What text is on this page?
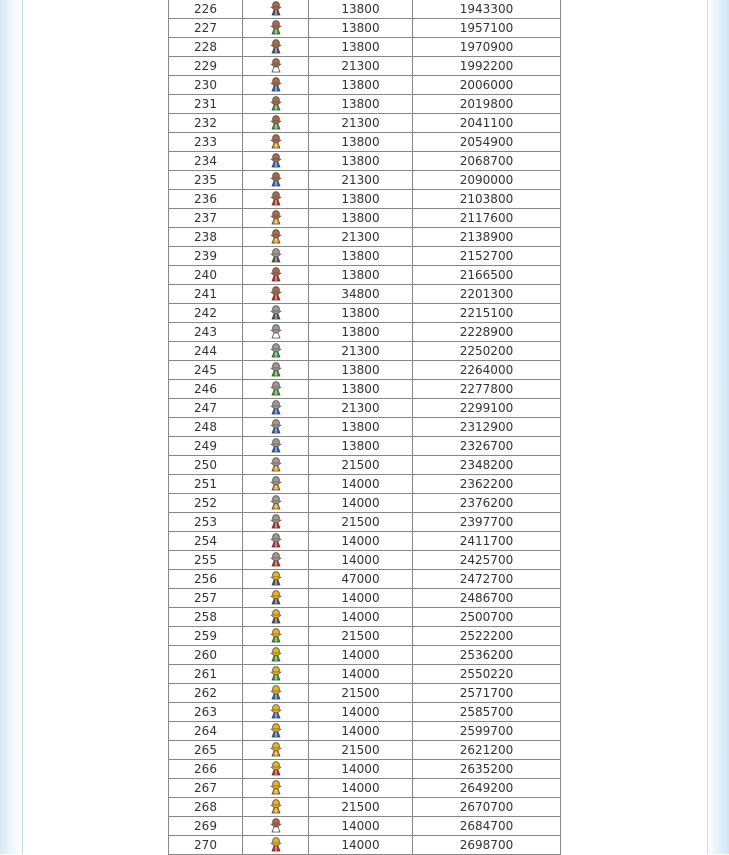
226		13800	1943300
227		13800	1957100
228		13800	1970900
229		21300	1992200
230		13800	2006000
231		13800	2019800
232		21300	2041100
233		13800	2054900
234		13800	2068700
235		21300	2090000
236		13800	2103800
237		13800	2117600
238		21300	2138900
239		13800	2152700
240		13800	2166500
241		34800	2201300
242		13800	2215100
243		13800	2228900
244		21300	2250200
245		13800	2264000
246		13800	2277800
247		21300	2299100
248		13800	2312900
249		13800	2326700
250		21500	2348200
251		14000	2362200
252		14000	2376200
253		21500	2397700
254		14000	2411700
255		14000	2425700
256		47000	2472700
257		14000	2486700
258		14000	2500700
259		21500	2522200
260		14000	2536200
261		14000	2550220
262		21500	2571700
263		14000	2585700
264		14000	2599700
265		21500	2621200
266		14000	2635200
267		14000	2649200
268		21500	2670700
269		14000	2684700
270		14000	2698700
